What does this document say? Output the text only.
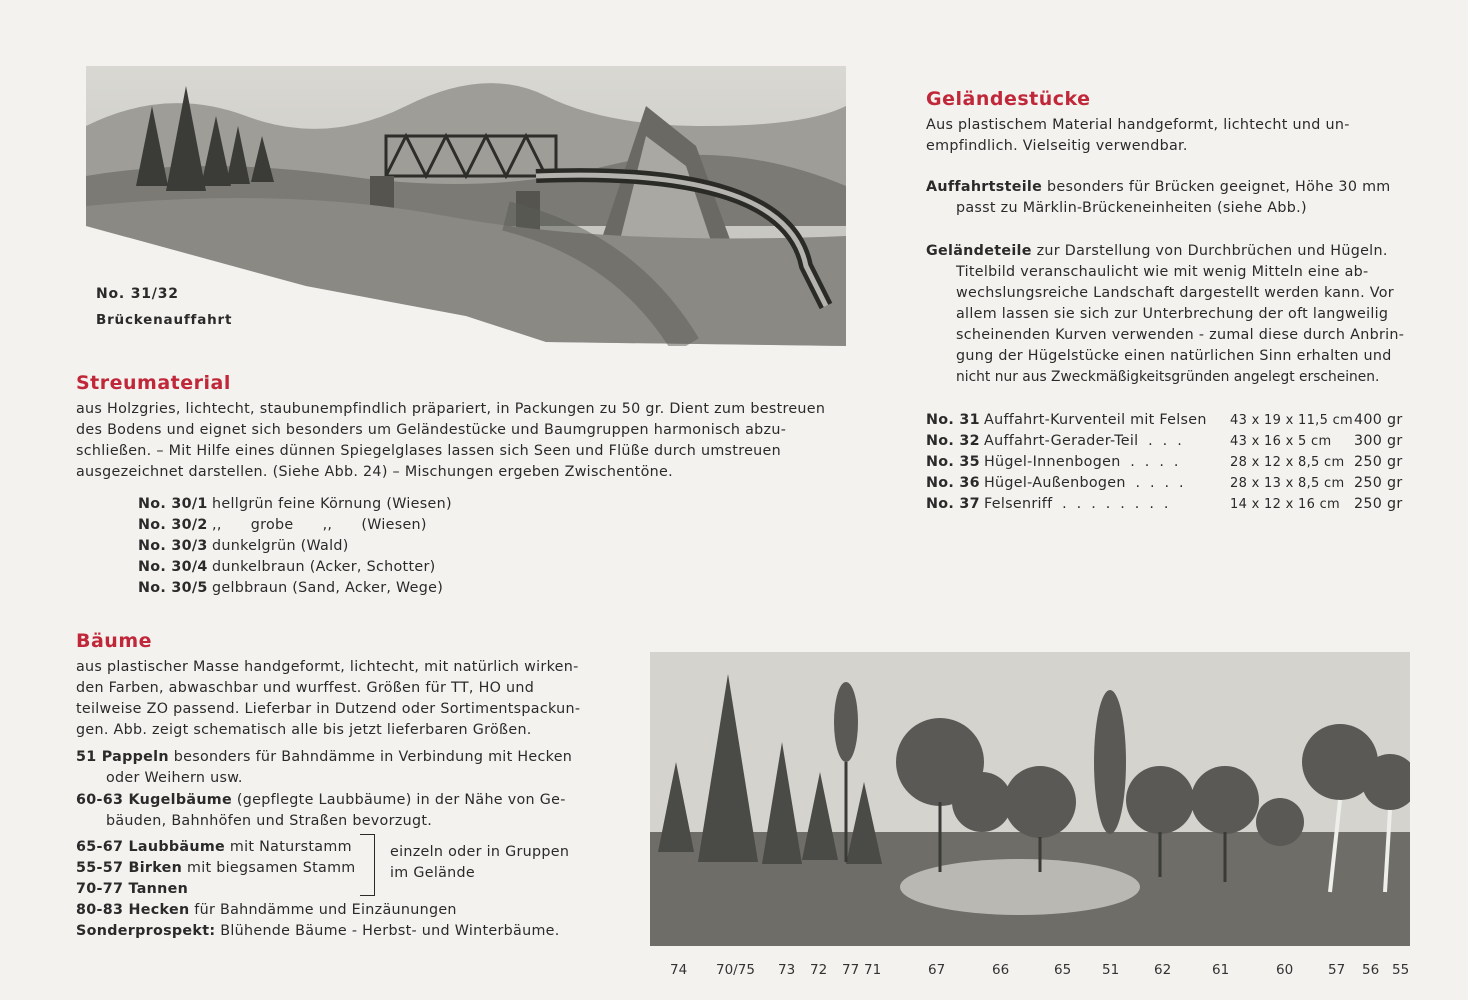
No. 31/32
Brückenauffahrt
Streumaterial
aus Holzgries, lichtecht, staubunempfindlich präpariert, in Packungen zu 50 gr. Dient zum bestreuen
des Bodens und eignet sich besonders um Geländestücke und Baumgruppen harmonisch abzu-
schließen. – Mit Hilfe eines dünnen Spiegelglases lassen sich Seen und Flüße durch umstreuen
ausgezeichnet darstellen. (Siehe Abb. 24) – Mischungen ergeben Zwischentöne.
No. 30/1 hellgrün feine Körnung (Wiesen)
No. 30/2 ,,      grobe      ,,      (Wiesen)
No. 30/3 dunkelgrün (Wald)
No. 30/4 dunkelbraun (Acker, Schotter)
No. 30/5 gelbbraun (Sand, Acker, Wege)
Geländestücke
Aus plastischem Material handgeformt, lichtecht und un-
empfindlich. Vielseitig verwendbar.
Auffahrtsteile besonders für Brücken geeignet, Höhe 30 mm
passt zu Märklin-Brückeneinheiten (siehe Abb.)
Geländeteile zur Darstellung von Durchbrüchen und Hügeln.
Titelbild veranschaulicht wie mit wenig Mitteln eine ab-
wechslungsreiche Landschaft dargestellt werden kann. Vor
allem lassen sie sich zur Unterbrechung der oft langweilig
scheinenden Kurven verwenden - zumal diese durch Anbrin-
gung der Hügelstücke einen natürlichen Sinn erhalten und
nicht nur aus Zweckmäßigkeitsgründen angelegt erscheinen.
No. 31	Auffahrt-Kurventeil mit Felsen	43 x 19 x 11,5 cm	400 gr
No. 32	Auffahrt-Gerader-Teil  .  .  .	43 x 16 x 5 cm	300 gr
No. 35	Hügel-Innenbogen  .  .  .  .	28 x 12 x 8,5 cm	250 gr
No. 36	Hügel-Außenbogen  .  .  .  .	28 x 13 x 8,5 cm	250 gr
No. 37	Felsenriff  .  .  .  .  .  .  .  .	14 x 12 x 16 cm	250 gr
Bäume
aus plastischer Masse handgeformt, lichtecht, mit natürlich wirken-
den Farben, abwaschbar und wurffest. Größen für TT, HO und
teilweise ZO passend. Lieferbar in Dutzend oder Sortimentspackun-
gen. Abb. zeigt schematisch alle bis jetzt lieferbaren Größen.
51 Pappeln besonders für Bahndämme in Verbindung mit Hecken
oder Weihern usw.
60-63 Kugelbäume (gepflegte Laubbäume) in der Nähe von Ge-
bäuden, Bahnhöfen und Straßen bevorzugt.
65-67 Laubbäume mit Naturstamm
55-57 Birken mit biegsamen Stamm
70-77 Tannen
einzeln oder in Gruppen
im Gelände
80-83 Hecken für Bahndämme und Einzäunungen
Sonderprospekt: Blühende Bäume - Herbst- und Winterbäume.
74 70/75 73 72 77 71	67	66	65 51	62	61	60	57 56 55
